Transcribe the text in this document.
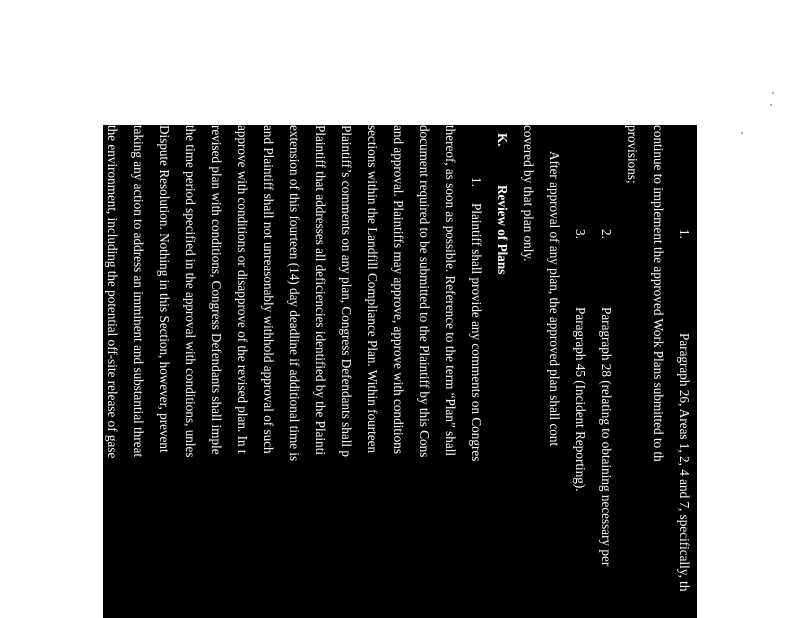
1.Paragraph 26, Areas 1, 2, 4 and 7, specifically, th
continue to implement the approved Work Plans submitted to th
provisions;
2.Paragraph 28 (relating to obtaining necessary per
3.Paragraph 45 (Incident Reporting).
After approval of any plan, the approved plan shall cont
covered by that plan only.
K.Review of Plans
1.Plaintiff shall provide any comments on Congres
thereof, as soon as possible. Reference to the term “Plan” shall
document required to be submitted to the Plaintiff by this Cons
and approval. Plaintiffs may approve, approve with conditions
sections within the Landfill Compliance Plan. Within fourteen
Plaintiff’s comments on any plan, Congress Defendants shall p
Plaintiff that addresses all deficiencies identified by the Plainti
extension of this fourteen (14) day deadline if additional time is
and Plaintiff shall not unreasonably withhold approval of such
approve with conditions or disapprove of the revised plan. In t
revised plan with conditions, Congress Defendants shall imple
the time period specified in the approval with conditions, unles
Dispute Resolution. Nothing in this Section, however, prevent
taking any action to address an imminent and substantial threat
the environment, including the potential off-site release of gase
